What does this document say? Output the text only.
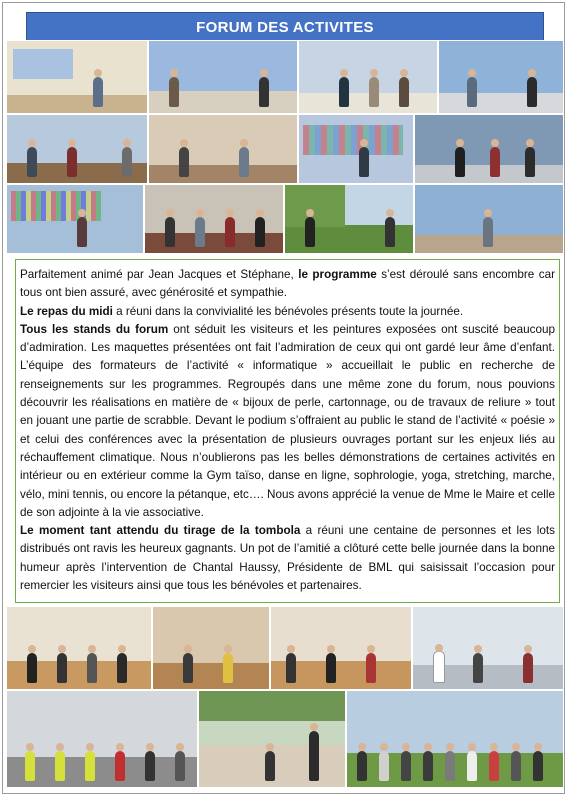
FORUM DES ACTIVITES

Parfaitement animé par Jean Jacques et Stéphane, le programme s’est déroulé sans encombre car tous ont bien assuré, avec générosité et sympathie.

Le repas du midi a réuni dans la convivialité les bénévoles présents toute la journée.

Tous les stands du forum ont séduit les visiteurs et les peintures exposées ont suscité beaucoup d’admiration. Les maquettes présentées ont fait l’admiration de ceux qui ont gardé leur âme d’enfant. L’équipe des formateurs de l’activité « informatique » accueillait le public en recherche de renseignements sur les programmes. Regroupés dans une même zone du forum, nous pouvions découvrir les réalisations en matière de « bijoux de perle, cartonnage, ou de travaux de reliure » tout en jouant une partie de scrabble. Devant le podium s’offraient au public le stand de l’activité « poésie » et celui des conférences avec la présentation de plusieurs ouvrages portant sur les enjeux liés au réchauffement climatique. Nous n’oublierons pas les belles démonstrations de certaines activités en intérieur ou en extérieur comme la Gym taïso, danse en ligne, sophrologie, yoga, stretching, marche, vélo, mini tennis, ou encore la pétanque, etc…. Nous avons apprécié la venue de Mme le Maire et celle de son adjointe à la vie associative.

Le moment tant attendu du tirage de la tombola a réuni une centaine de personnes et les lots distribués ont ravis les heureux gagnants. Un pot de l’amitié a clôturé cette belle journée dans la bonne humeur après l’intervention de Chantal Haussy, Présidente de BML qui saisissait l’occasion pour remercier les visiteurs ainsi que tous les bénévoles et partenaires.
